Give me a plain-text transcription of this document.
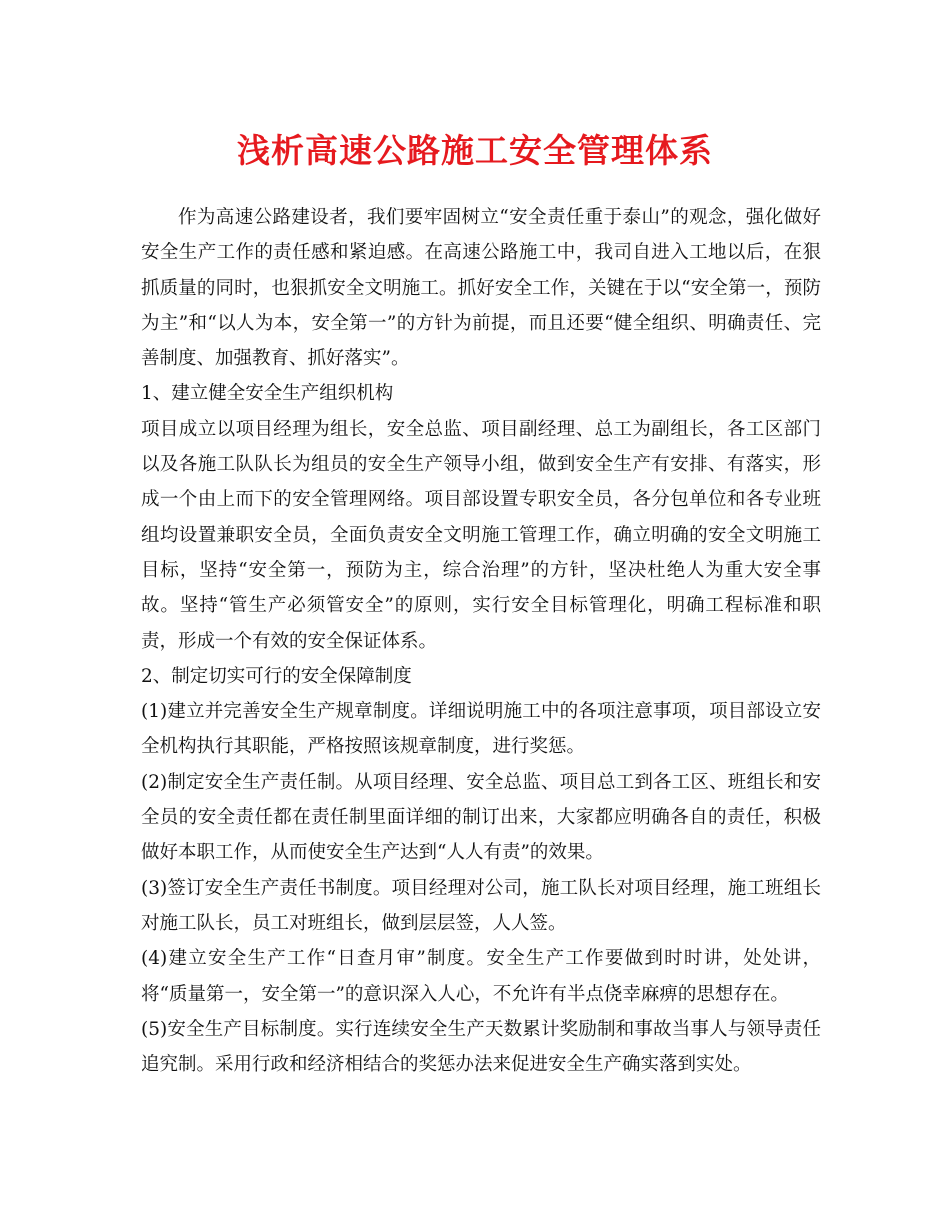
浅析高速公路施工安全管理体系

作为高速公路建设者，我们要牢固树立“安全责任重于泰山”的观念，强化做好安全生产工作的责任感和紧迫感。在高速公路施工中，我司自进入工地以后，在狠抓质量的同时，也狠抓安全文明施工。抓好安全工作，关键在于以“安全第一，预防为主”和“以人为本，安全第一”的方针为前提，而且还要“健全组织、明确责任、完善制度、加强教育、抓好落实”。

1、建立健全安全生产组织机构

项目成立以项目经理为组长，安全总监、项目副经理、总工为副组长，各工区部门以及各施工队队长为组员的安全生产领导小组，做到安全生产有安排、有落实，形成一个由上而下的安全管理网络。项目部设置专职安全员，各分包单位和各专业班组均设置兼职安全员，全面负责安全文明施工管理工作，确立明确的安全文明施工目标，坚持“安全第一，预防为主，综合治理”的方针，坚决杜绝人为重大安全事故。坚持“管生产必须管安全”的原则，实行安全目标管理化，明确工程标准和职责，形成一个有效的安全保证体系。

2、制定切实可行的安全保障制度

(1)建立并完善安全生产规章制度。详细说明施工中的各项注意事项，项目部设立安全机构执行其职能，严格按照该规章制度，进行奖惩。

(2)制定安全生产责任制。从项目经理、安全总监、项目总工到各工区、班组长和安全员的安全责任都在责任制里面详细的制订出来，大家都应明确各自的责任，积极做好本职工作，从而使安全生产达到“人人有责”的效果。

(3)签订安全生产责任书制度。项目经理对公司，施工队长对项目经理，施工班组长对施工队长，员工对班组长，做到层层签，人人签。

(4)建立安全生产工作“日查月审”制度。安全生产工作要做到时时讲，处处讲，将“质量第一，安全第一”的意识深入人心，不允许有半点侥幸麻痹的思想存在。

(5)安全生产目标制度。实行连续安全生产天数累计奖励制和事故当事人与领导责任追究制。采用行政和经济相结合的奖惩办法来促进安全生产确实落到实处。
